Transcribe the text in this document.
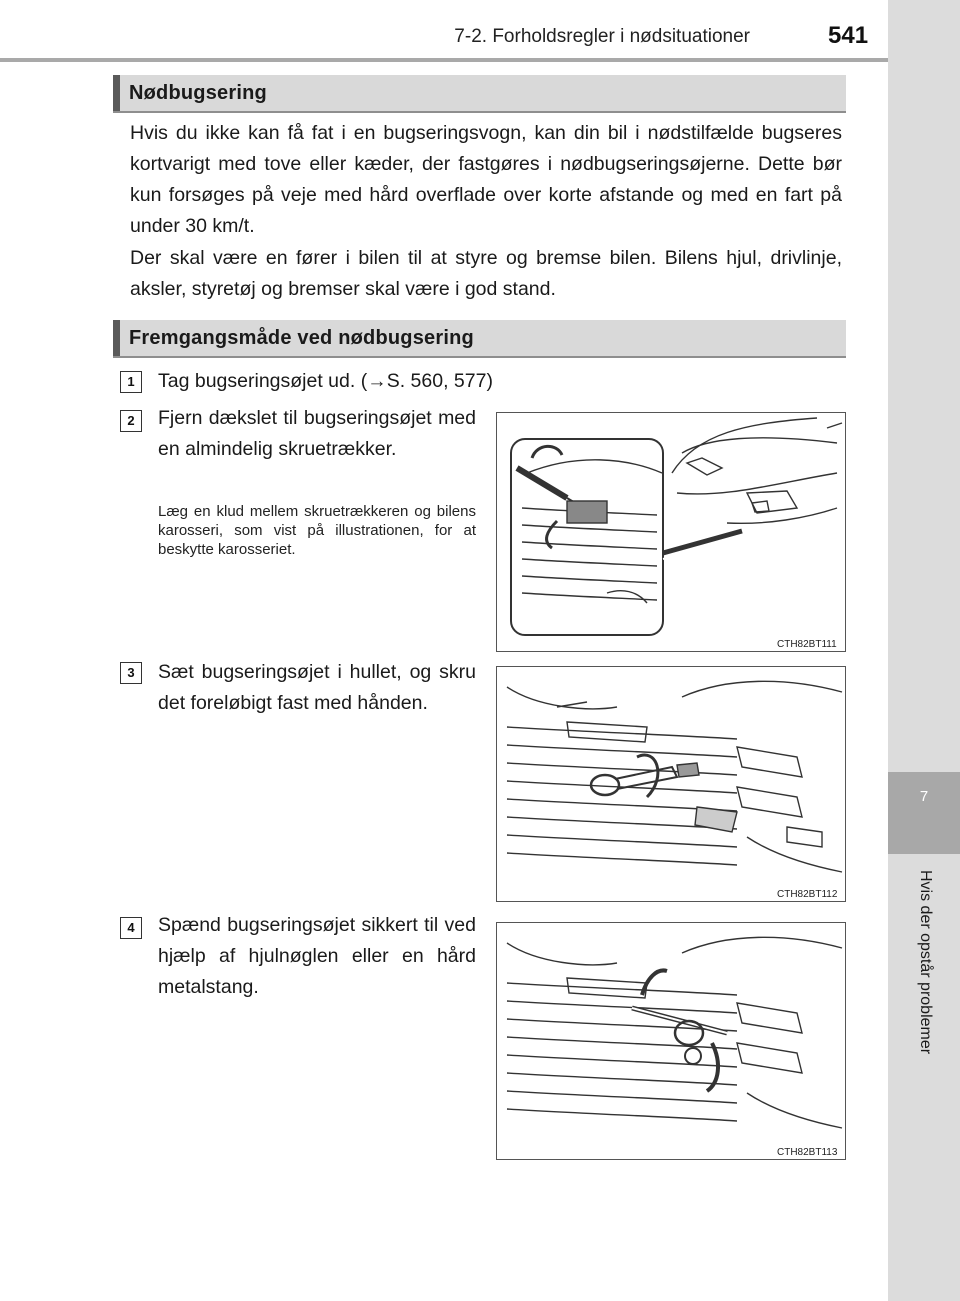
7-2. Forholdsregler i nødsituationer	541
7
Hvis der opstår problemer
Nødbugsering
Hvis du ikke kan få fat i en bugseringsvogn, kan din bil i nødstilfælde bugseres kortvarigt med tove eller kæder, der fastgøres i nødbugseringsøjerne. Dette bør kun forsøges på veje med hård overflade over korte afstande og med en fart på under 30 km/t.
Der skal være en fører i bilen til at styre og bremse bilen. Bilens hjul, drivlinje, aksler, styretøj og bremser skal være i god stand.
Fremgangsmåde ved nødbugsering
1	Tag bugseringsøjet ud. (→S. 560, 577)
2	Fjern dækslet til bugseringsøjet med en almindelig skruetrækker.
Læg en klud mellem skruetrækkeren og bilens karosseri, som vist på illustrationen, for at beskytte karosseriet.
CTH82BT111
3	Sæt bugseringsøjet i hullet, og skru det foreløbigt fast med hånden.
CTH82BT112
4	Spænd bugseringsøjet sikkert til ved hjælp af hjulnøglen eller en hård metalstang.
CTH82BT113
